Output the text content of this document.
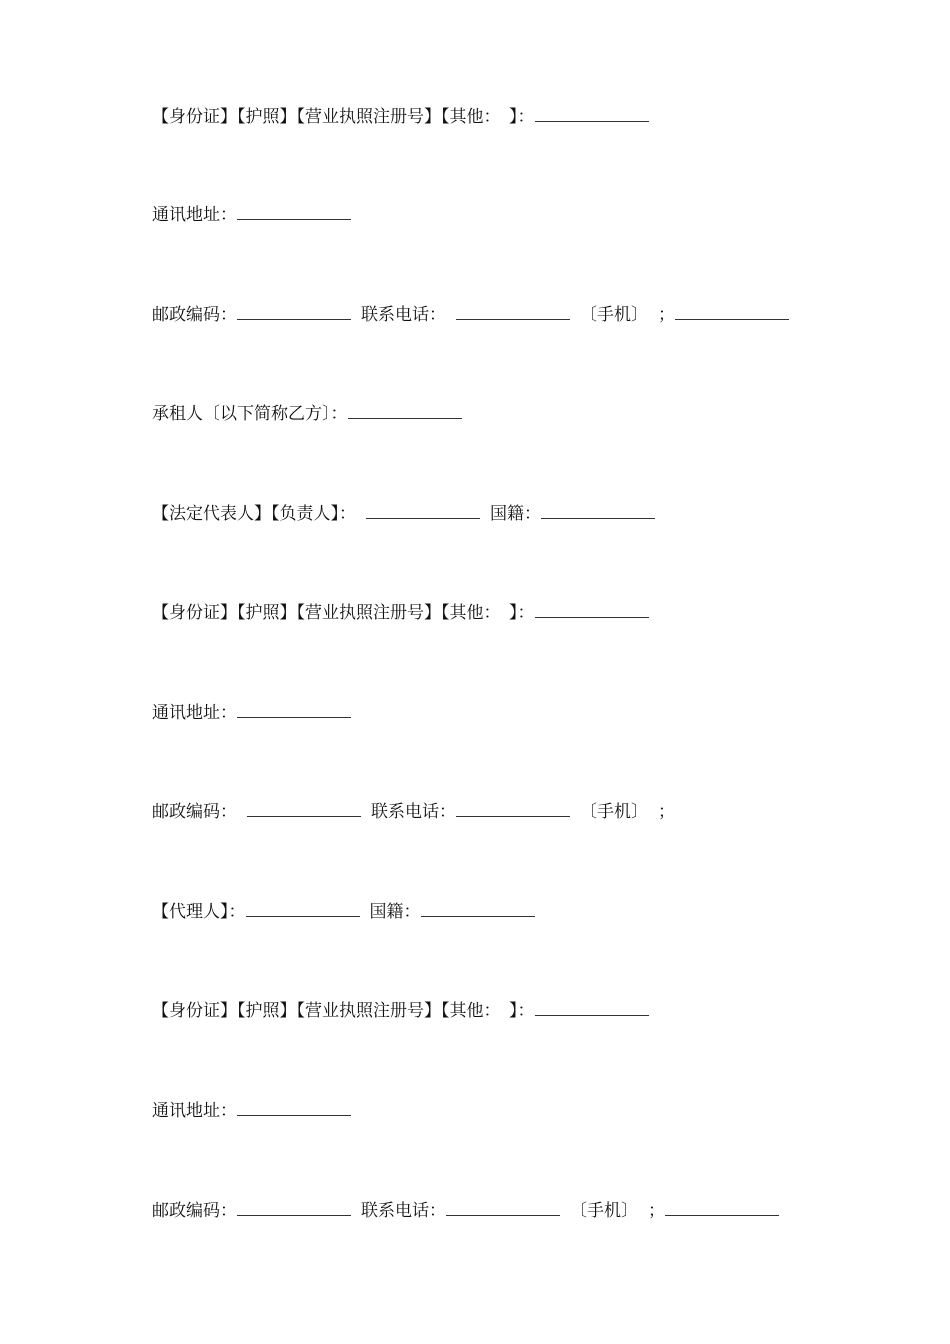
【身份证】【护照】【营业执照注册号】【其他：　】：
通讯地址：
邮政编码：	联系电话：	〔手机〕 ；
承租人〔以下简称乙方〕：
【法定代表人】【负责人】：	国籍：
【身份证】【护照】【营业执照注册号】【其他：　】：
通讯地址：
邮政编码：	联系电话：	〔手机〕 ；
【代理人】：	国籍：
【身份证】【护照】【营业执照注册号】【其他：　】：
通讯地址：
邮政编码：	联系电话：	〔手机〕 ；
